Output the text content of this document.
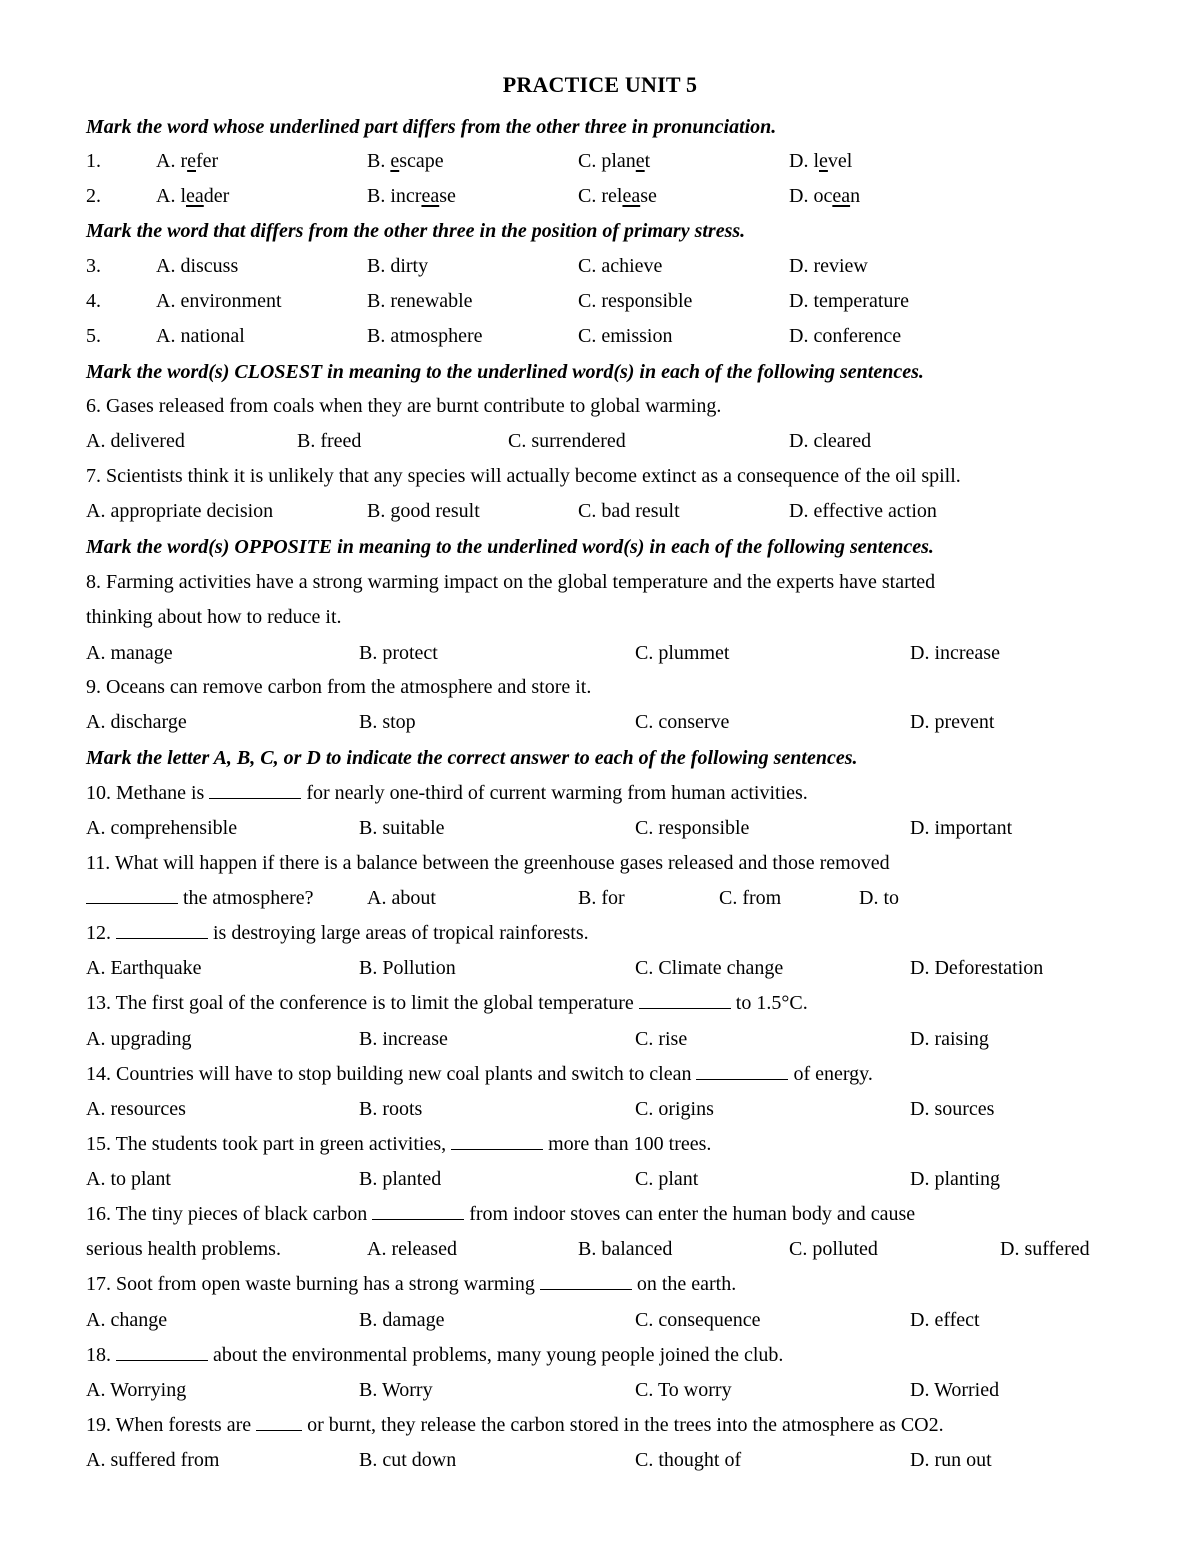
PRACTICE UNIT 5
Mark the word whose underlined part differs from the other three in pronunciation.
1.	A. refer	B. escape	C. planet	D. level
2.	A. leader	B. increase	C. release	D. ocean
Mark the word that differs from the other three in the position of primary stress.
3.	A. discuss	B. dirty	C. achieve	D. review
4.	A. environment	B. renewable	C. responsible	D. temperature
5.	A. national	B. atmosphere	C. emission	D. conference
Mark the word(s) CLOSEST in meaning to the underlined word(s) in each of the following sentences.
6. Gases released from coals when they are burnt contribute to global warming.
A. delivered	B. freed	C. surrendered	D. cleared
7. Scientists think it is unlikely that any species will actually become extinct as a consequence of the oil spill.
A. appropriate decision	B. good result	C. bad result	D. effective action
Mark the word(s) OPPOSITE in meaning to the underlined word(s) in each of the following sentences.
8. Farming activities have a strong warming impact on the global temperature and the experts have started
thinking about how to reduce it.
A. manage	B. protect	C. plummet	D. increase
9. Oceans can remove carbon from the atmosphere and store it.
A. discharge	B. stop	C. conserve	D. prevent
Mark the letter A, B, C, or D to indicate the correct answer to each of the following sentences.
10. Methane is	for nearly one-third of current warming from human activities.
A. comprehensible	B. suitable	C. responsible	D. important
11. What will happen if there is a balance between the greenhouse gases released and those removed
the atmosphere?	A. about	B. for	C. from	D. to
12.	is destroying large areas of tropical rainforests.
A. Earthquake	B. Pollution	C. Climate change	D. Deforestation
13. The first goal of the conference is to limit the global temperature	to 1.5°C.
A. upgrading	B. increase	C. rise	D. raising
14. Countries will have to stop building new coal plants and switch to clean	of energy.
A. resources	B. roots	C. origins	D. sources
15. The students took part in green activities,	more than 100 trees.
A. to plant	B. planted	C. plant	D. planting
16. The tiny pieces of black carbon	from indoor stoves can enter the human body and cause
serious health problems.	A. released	B. balanced	C. polluted	D. suffered
17. Soot from open waste burning has a strong warming	on the earth.
A. change	B. damage	C. consequence	D. effect
18.	about the environmental problems, many young people joined the club.
A. Worrying	B. Worry	C. To worry	D. Worried
19. When forests are  or burnt, they release the carbon stored in the trees into the atmosphere as CO2.
A. suffered from	B. cut down	C. thought of	D. run out
